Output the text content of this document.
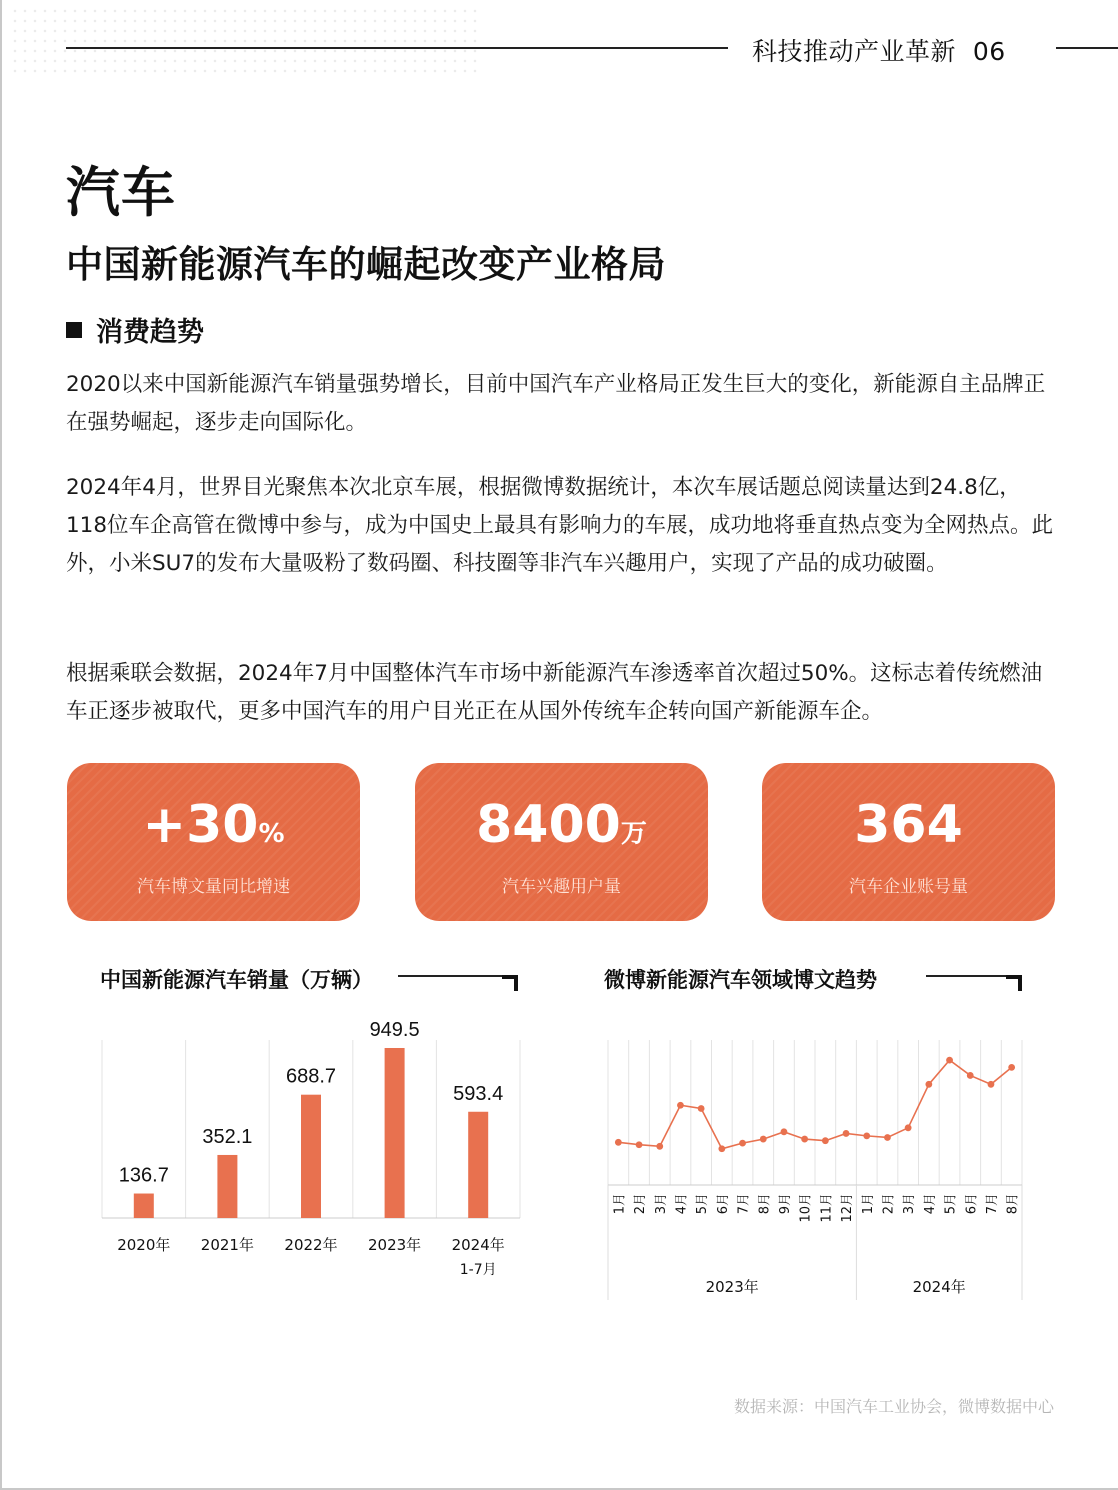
科技推动产业革新  06
汽车
中国新能源汽车的崛起改变产业格局
消费趋势
2020以来中国新能源汽车销量强势增长，目前中国汽车产业格局正发生巨大的变化，新能源自主品牌正在强势崛起，逐步走向国际化。
2024年4月，世界目光聚焦本次北京车展，根据微博数据统计，本次车展话题总阅读量达到24.8亿，118位车企高管在微博中参与，成为中国史上最具有影响力的车展，成功地将垂直热点变为全网热点。此外，小米SU7的发布大量吸粉了数码圈、科技圈等非汽车兴趣用户，实现了产品的成功破圈。
根据乘联会数据，2024年7月中国整体汽车市场中新能源汽车渗透率首次超过50%。这标志着传统燃油车正逐步被取代，更多中国汽车的用户目光正在从国外传统车企转向国产新能源车企。
+30%
汽车博文量同比增速
8400万
汽车兴趣用户量
364
汽车企业账号量
中国新能源汽车销量（万辆）	微博新能源汽车领域博文趋势
136.7
2020年
352.1
2021年
688.7
2022年
949.5
2023年
593.4
2024年
1-7月
1月 2月 3月 4月 5月 6月 7月 8月 9月 10月 11月 12月 1月 2月 3月 4月 5月 6月 7月 8月
2023年	2024年
数据来源：中国汽车工业协会，微博数据中心
